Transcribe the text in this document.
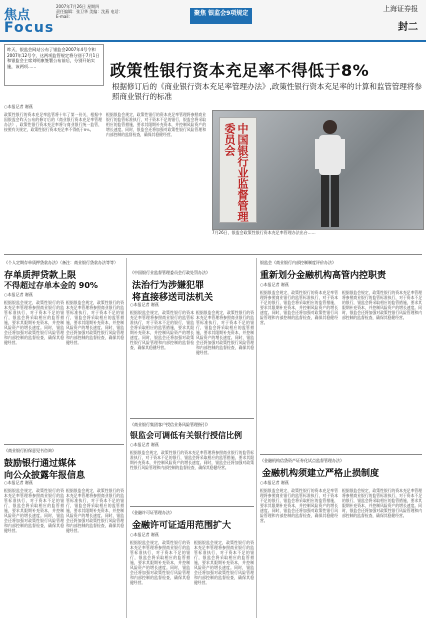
焦点
Focus
2007年7月26日 星期四
责任编辑：张卫华 美编：沈燕 电话：
E-mail：	聚焦 银监会9项规定
上海证券报
封二
昨天，银监会网站公布了银监会2007年4号令和2007年12号令，这两项监管规定将分别于7月1日和银监会主席刘明康签署公布前后，分别开始实施，该两项……	政策性银行资本充足率不得低于8%
根据修订后的《商业银行资本充足率管理办法》,政策性银行资本充足率的计算和监管管理将参照商业银行的标准
○本报记者 谢燕
政策性银行的资本充足率监管将十年了第一份关，根据中国银监会昨天公布的修订后的《商业银行资本充足率管理办法》，政策性银行资本充足率将与商业银行统一监管，按照有关规定，政策性银行资本充足率不得低于8%。
根据银监会规定，政策性银行的资本充足率管理将参照商业银行的监管标准执行，对于资本不足的银行，银监会将采取相应的监管措施，要求其限期补充资本，并控制风险资产的增长速度。同时，银监会还将加强对政策性银行风险管理和内部控制的监督检查，确保其稳健经营。	中国银行业监督管理委员会
7月26日，银监会政策性银行资本充足率管理办法出台……
《个人定期存单质押贷款办法》（备注：商业银行贷款办法等等）
存单质押贷款上限
不得超过存单本金的 90%
○本报记者 谢燕
根据银监会规定，政策性银行的资本充足率管理将参照商业银行的监管标准执行，对于资本不足的银行，银监会将采取相应的监管措施，要求其限期补充资本，并控制风险资产的增长速度。同时，银监会还将加强对政策性银行风险管理和内部控制的监督检查，确保其稳健经营。
根据银监会规定，政策性银行的资本充足率管理将参照商业银行的监管标准执行，对于资本不足的银行，银监会将采取相应的监管措施，要求其限期补充资本，并控制风险资产的增长速度。同时，银监会还将加强对政策性银行风险管理和内部控制的监督检查，确保其稳健经营。
《中国银行业监督管理委员会行政处罚办法》
法治行为涉嫌犯罪
将直接移送司法机关
○本报记者 谢燕
根据银监会规定，政策性银行的资本充足率管理将参照商业银行的监管标准执行，对于资本不足的银行，银监会将采取相应的监管措施，要求其限期补充资本，并控制风险资产的增长速度。同时，银监会还将加强对政策性银行风险管理和内部控制的监督检查，确保其稳健经营。
根据银监会规定，政策性银行的资本充足率管理将参照商业银行的监管标准执行，对于资本不足的银行，银监会将采取相应的监管措施，要求其限期补充资本，并控制风险资产的增长速度。同时，银监会还将加强对政策性银行风险管理和内部控制的监督检查，确保其稳健经营。
银监会《商业银行内部控制制度评价办法》
重新划分金融机构高管内控职责
○本报记者 谢燕
根据银监会规定，政策性银行的资本充足率管理将参照商业银行的监管标准执行，对于资本不足的银行，银监会将采取相应的监管措施，要求其限期补充资本，并控制风险资产的增长速度。同时，银监会还将加强对政策性银行风险管理和内部控制的监督检查，确保其稳健经营。
根据银监会规定，政策性银行的资本充足率管理将参照商业银行的监管标准执行，对于资本不足的银行，银监会将采取相应的监管措施，要求其限期补充资本，并控制风险资产的增长速度。同时，银监会还将加强对政策性银行风险管理和内部控制的监督检查，确保其稳健经营。
《商业银行担保意见书咨询》
鼓励银行通过媒体
向公众披露年报信息
○本报记者 谢燕
根据银监会规定，政策性银行的资本充足率管理将参照商业银行的监管标准执行，对于资本不足的银行，银监会将采取相应的监管措施，要求其限期补充资本，并控制风险资产的增长速度。同时，银监会还将加强对政策性银行风险管理和内部控制的监督检查，确保其稳健经营。
根据银监会规定，政策性银行的资本充足率管理将参照商业银行的监管标准执行，对于资本不足的银行，银监会将采取相应的监管措施，要求其限期补充资本，并控制风险资产的增长速度。同时，银监会还将加强对政策性银行风险管理和内部控制的监督检查，确保其稳健经营。
《商业银行集团客户授信业务风险管理指引》
银监会可调低有关银行授信比例
○本报记者 谢燕
根据银监会规定，政策性银行的资本充足率管理将参照商业银行的监管标准执行，对于资本不足的银行，银监会将采取相应的监管措施，要求其限期补充资本，并控制风险资产的增长速度。同时，银监会还将加强对政策性银行风险管理和内部控制的监督检查，确保其稳健经营。
《金融机构信贷资产证券化试点监督管理办法》
金融机构须建立严格止损制度
○本报记者 谢燕
根据银监会规定，政策性银行的资本充足率管理将参照商业银行的监管标准执行，对于资本不足的银行，银监会将采取相应的监管措施，要求其限期补充资本，并控制风险资产的增长速度。同时，银监会还将加强对政策性银行风险管理和内部控制的监督检查，确保其稳健经营。
根据银监会规定，政策性银行的资本充足率管理将参照商业银行的监管标准执行，对于资本不足的银行，银监会将采取相应的监管措施，要求其限期补充资本，并控制风险资产的增长速度。同时，银监会还将加强对政策性银行风险管理和内部控制的监督检查，确保其稳健经营。
《金融许可证管理办法》
金融许可证适用范围扩大
○本报记者 谢燕
根据银监会规定，政策性银行的资本充足率管理将参照商业银行的监管标准执行，对于资本不足的银行，银监会将采取相应的监管措施，要求其限期补充资本，并控制风险资产的增长速度。同时，银监会还将加强对政策性银行风险管理和内部控制的监督检查，确保其稳健经营。
根据银监会规定，政策性银行的资本充足率管理将参照商业银行的监管标准执行，对于资本不足的银行，银监会将采取相应的监管措施，要求其限期补充资本，并控制风险资产的增长速度。同时，银监会还将加强对政策性银行风险管理和内部控制的监督检查，确保其稳健经营。
